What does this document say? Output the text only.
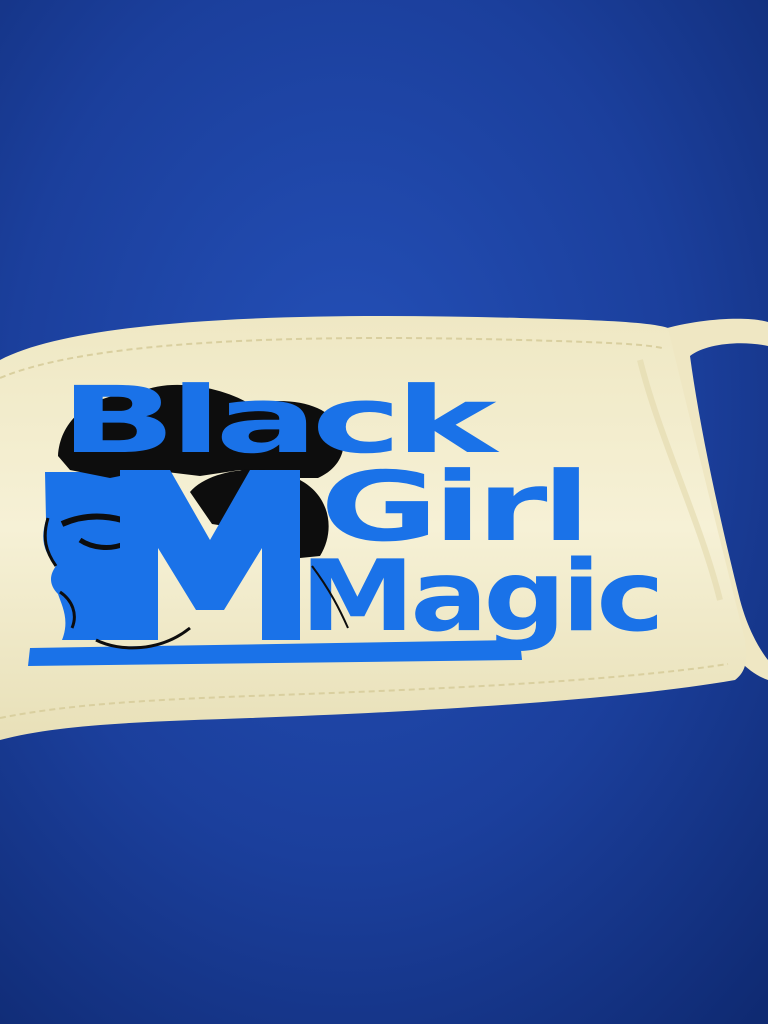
Black
Girl
Magic
